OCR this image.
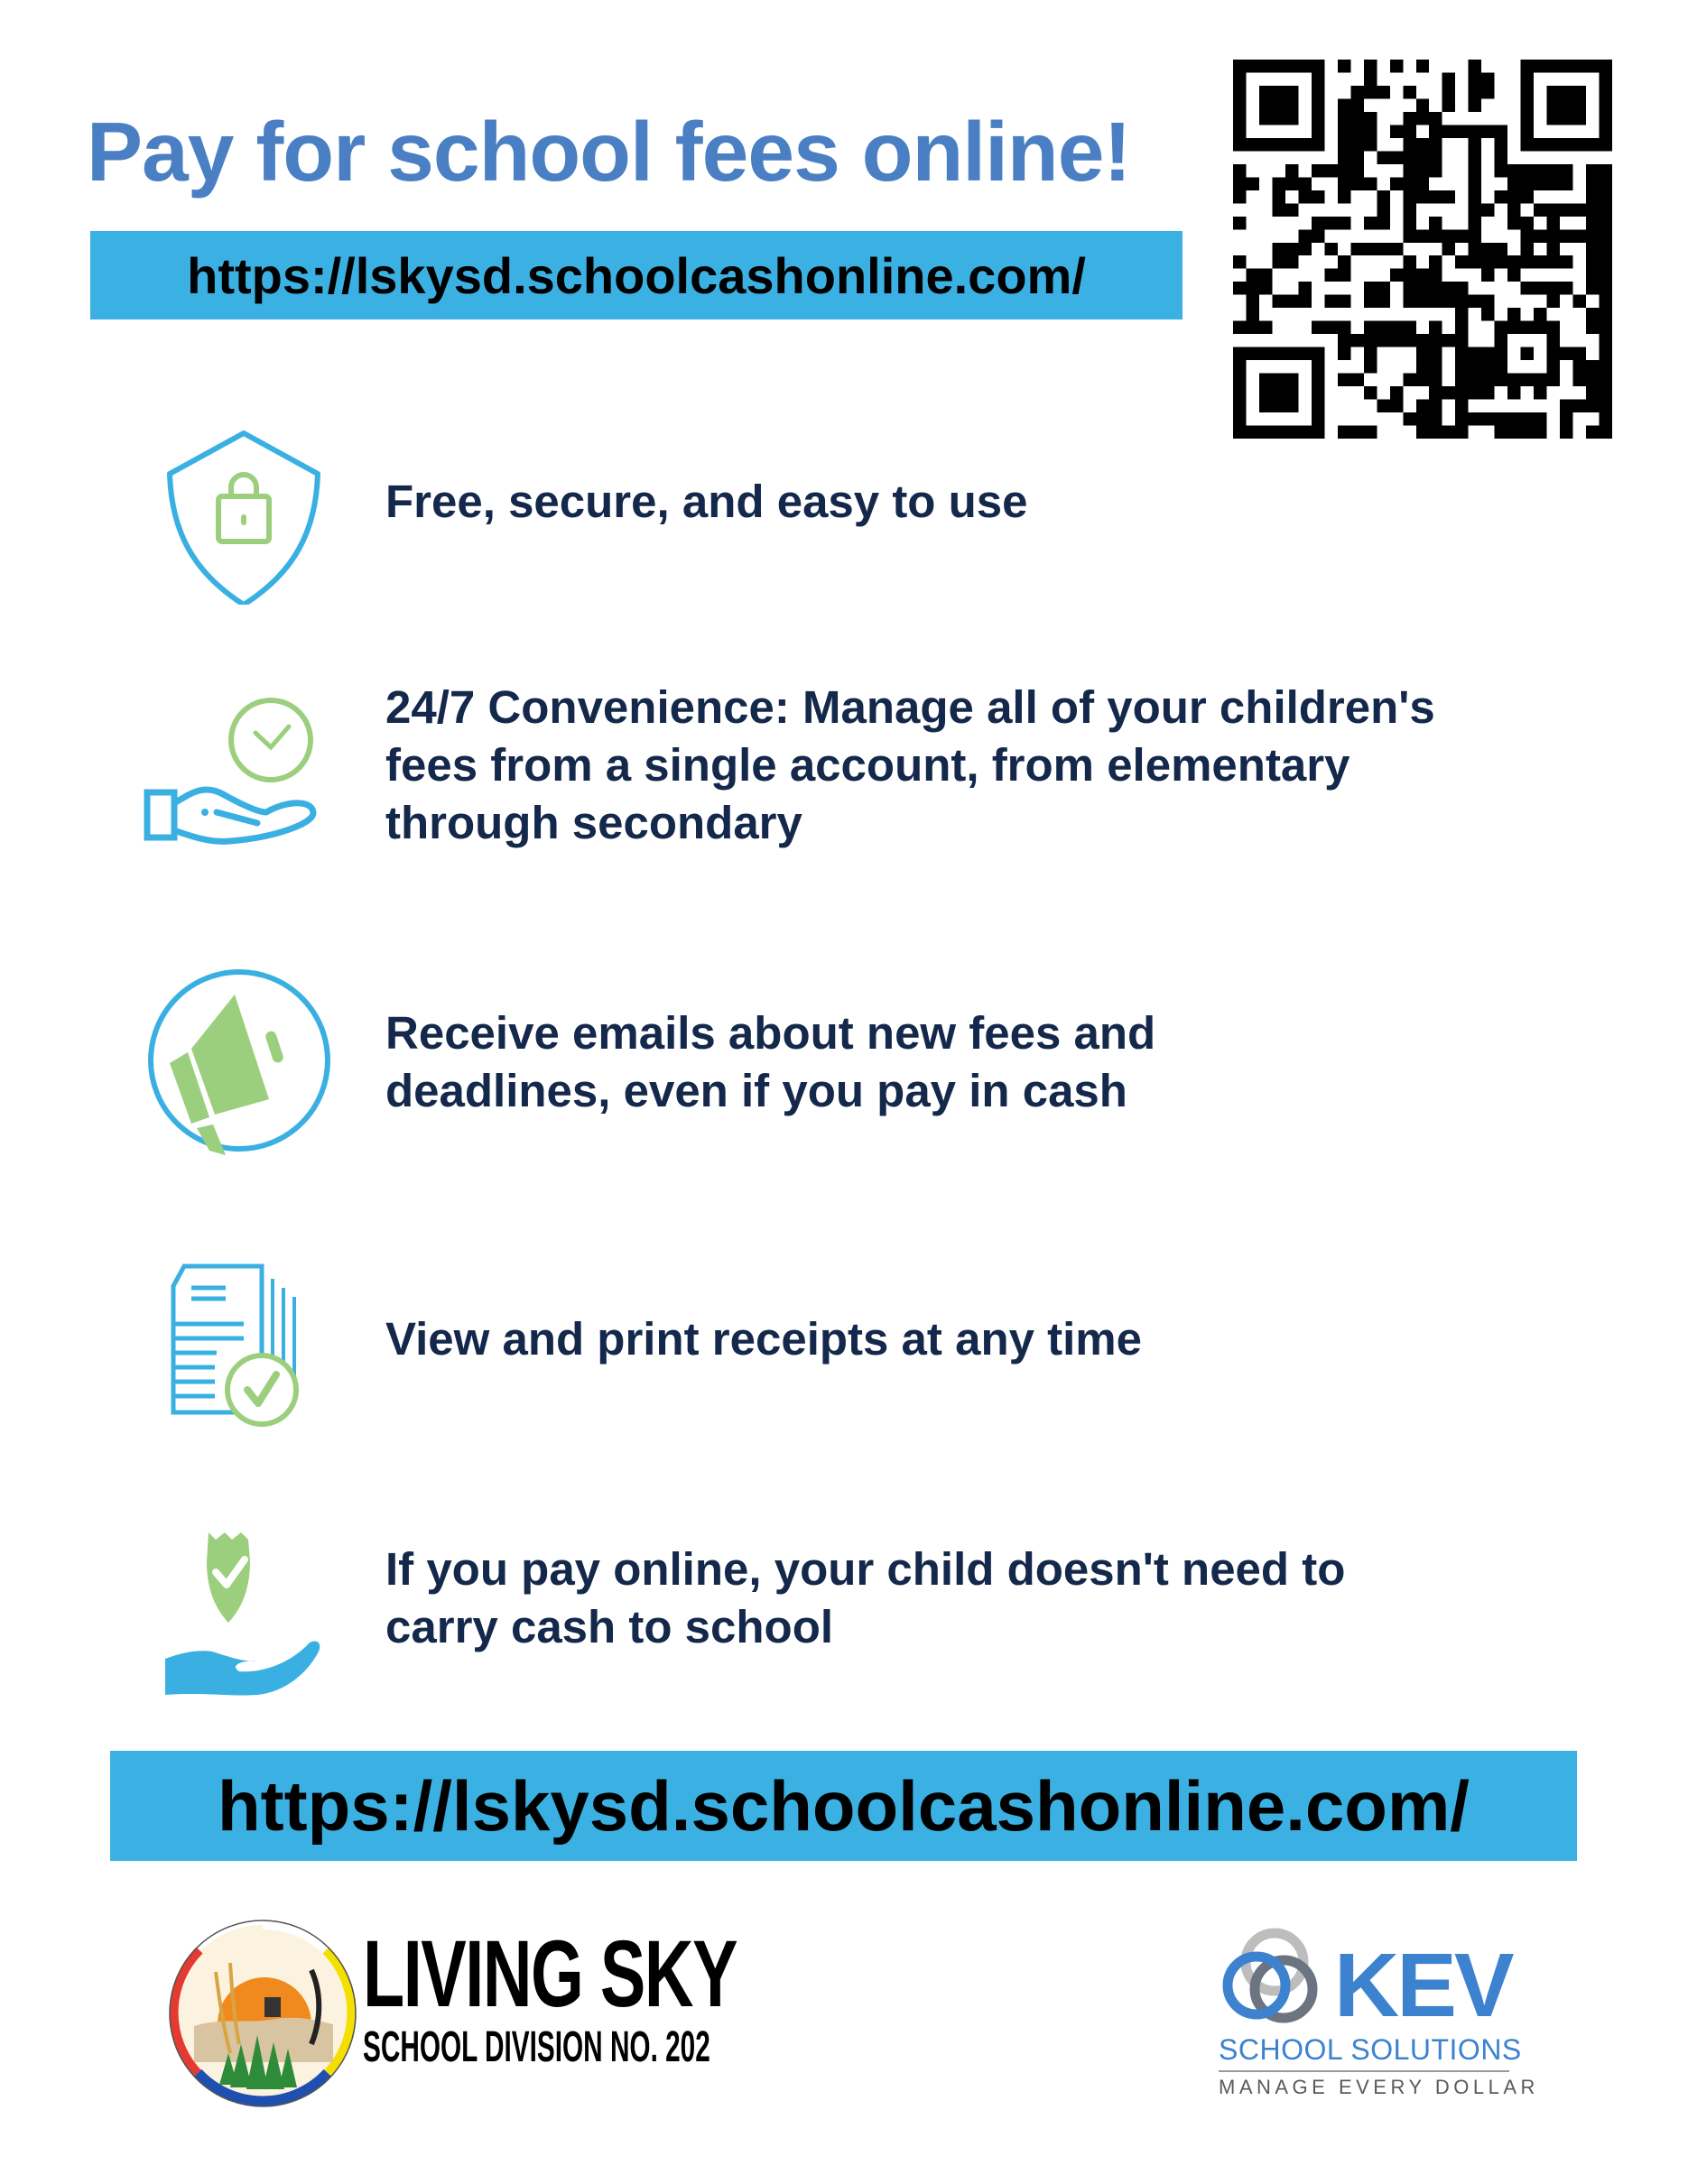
Pay for school fees online!
https://lskysd.schoolcashonline.com/
Free, secure, and easy to use
24/7 Convenience: Manage all of your children's fees from a single account, from elementary through secondary
Receive emails about new fees and deadlines, even if you pay in cash
View and print receipts at any time
If you pay online, your child doesn't need to carry cash to school
https://lskysd.schoolcashonline.com/
LIVING SKY
SCHOOL DIVISION NO. 202
KEV
SCHOOL SOLUTIONS
MANAGE EVERY DOLLAR
